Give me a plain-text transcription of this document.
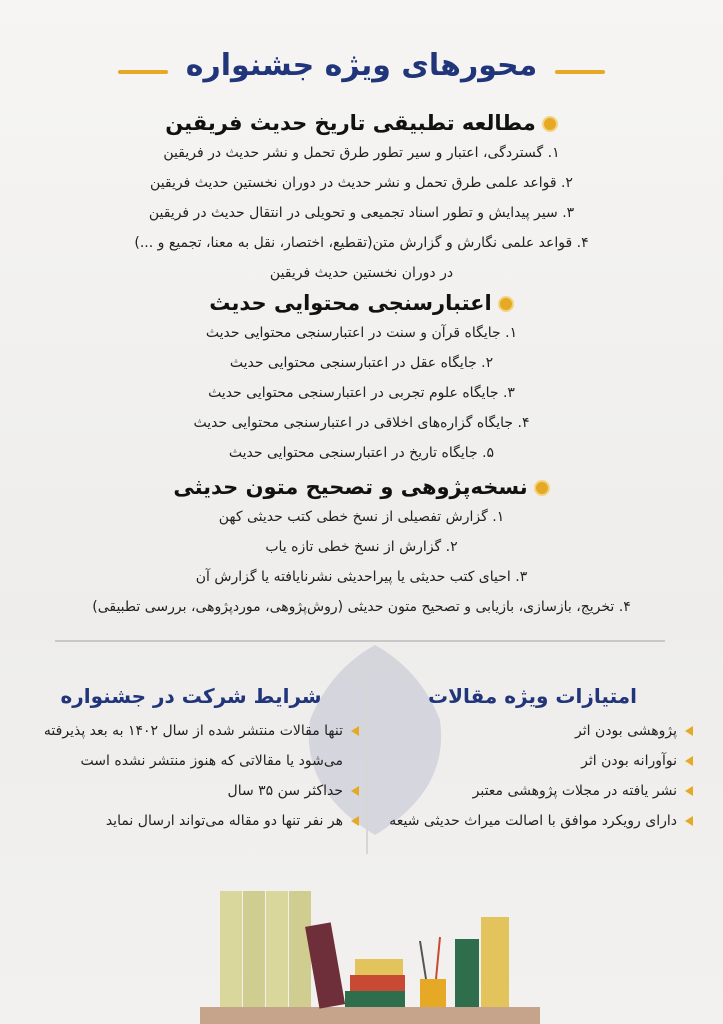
محورهای ویژه جشنواره
مطالعه تطبیقی تاریخ حدیث فریقین
۱. گستردگی، اعتبار و سیر تطور طرق تحمل و نشر حدیث در فریقین
۲. قواعد علمی طرق تحمل و نشر حدیث در دوران نخستین حدیث فریقین
۳. سیر پیدایش و تطور اسناد تجمیعی و تحویلی در انتقال حدیث در فریقین
۴. قواعد علمی نگارش و گزارش متن(تقطیع، اختصار، نقل به معنا، تجمیع و ...)
در دوران نخستین حدیث فریقین
اعتبارسنجی محتوایی حدیث
۱. جایگاه قرآن و سنت در اعتبارسنجی محتوایی حدیث
۲. جایگاه عقل در اعتبارسنجی محتوایی حدیث
۳. جایگاه علوم تجربی در اعتبارسنجی محتوایی حدیث
۴. جایگاه گزاره‌های اخلاقی در اعتبارسنجی محتوایی حدیث
۵. جایگاه تاریخ در اعتبارسنجی محتوایی حدیث
نسخه‌پژوهی و تصحیح متون حدیثی
۱. گزارش تفصیلی از نسخ خطی کتب حدیثی کهن
۲. گزارش از نسخ خطی تازه یاب
۳. احیای کتب حدیثی یا پیراحدیثی نشرنایافته یا گزارش آن
۴. تخریج، بازسازی، بازیابی و تصحیح متون حدیثی (روش‌پژوهی، موردپژوهی، بررسی تطبیقی)
امتیازات ویژه مقالات
پژوهشی بودن اثر
نوآورانه بودن اثر
نشر یافته در مجلات پژوهشی معتبر
دارای رویکرد موافق با اصالت میراث حدیثی شیعه
شرایط شرکت در جشنواره
تنها مقالات منتشر شده از سال ۱۴۰۲ به بعد پذیرفته
می‌شود یا مقالاتی که هنوز منتشر نشده است
حداکثر سن ۳۵ سال
هر نفر تنها دو مقاله می‌تواند ارسال نماید
